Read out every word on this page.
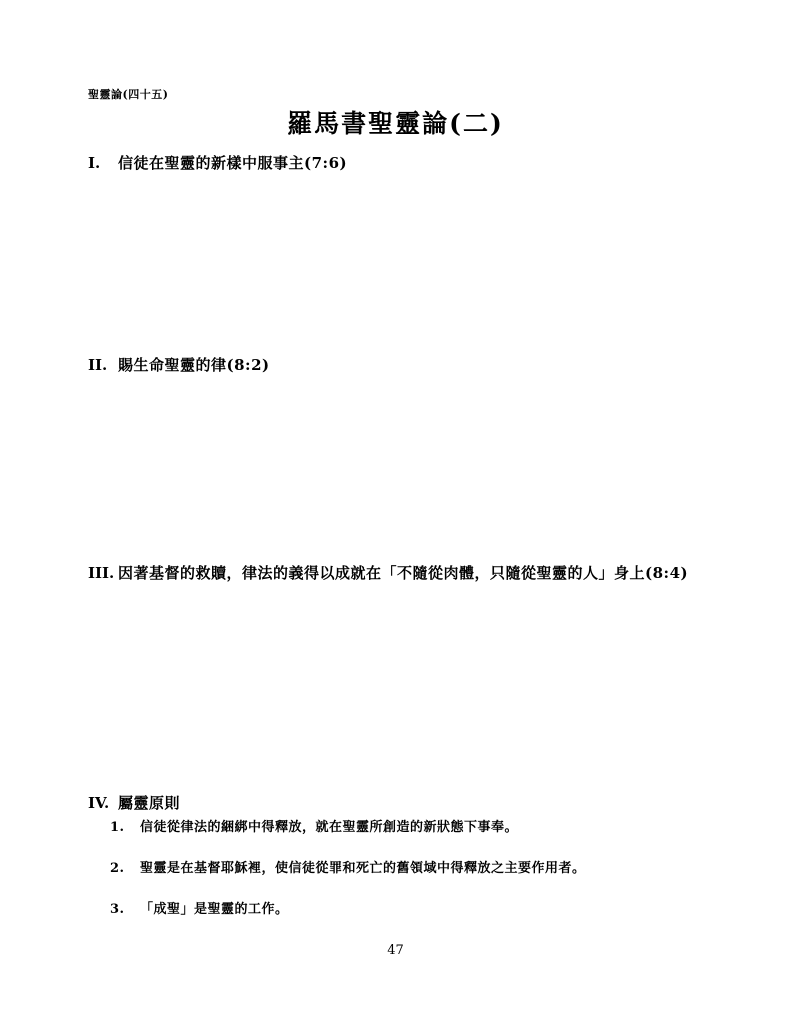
聖靈論(四十五)
羅馬書聖靈論(二)
I.	信徒在聖靈的新樣中服事主(7:6)
II. 賜生命聖靈的律(8:2)
III. 因著基督的救贖，律法的義得以成就在「不隨從肉體，只隨從聖靈的人」身上(8:4)
IV. 屬靈原則
1.	信徒從律法的綑綁中得釋放，就在聖靈所創造的新狀態下事奉。
2.	聖靈是在基督耶穌裡，使信徒從罪和死亡的舊領域中得釋放之主要作用者。
3.	「成聖」是聖靈的工作。
47
